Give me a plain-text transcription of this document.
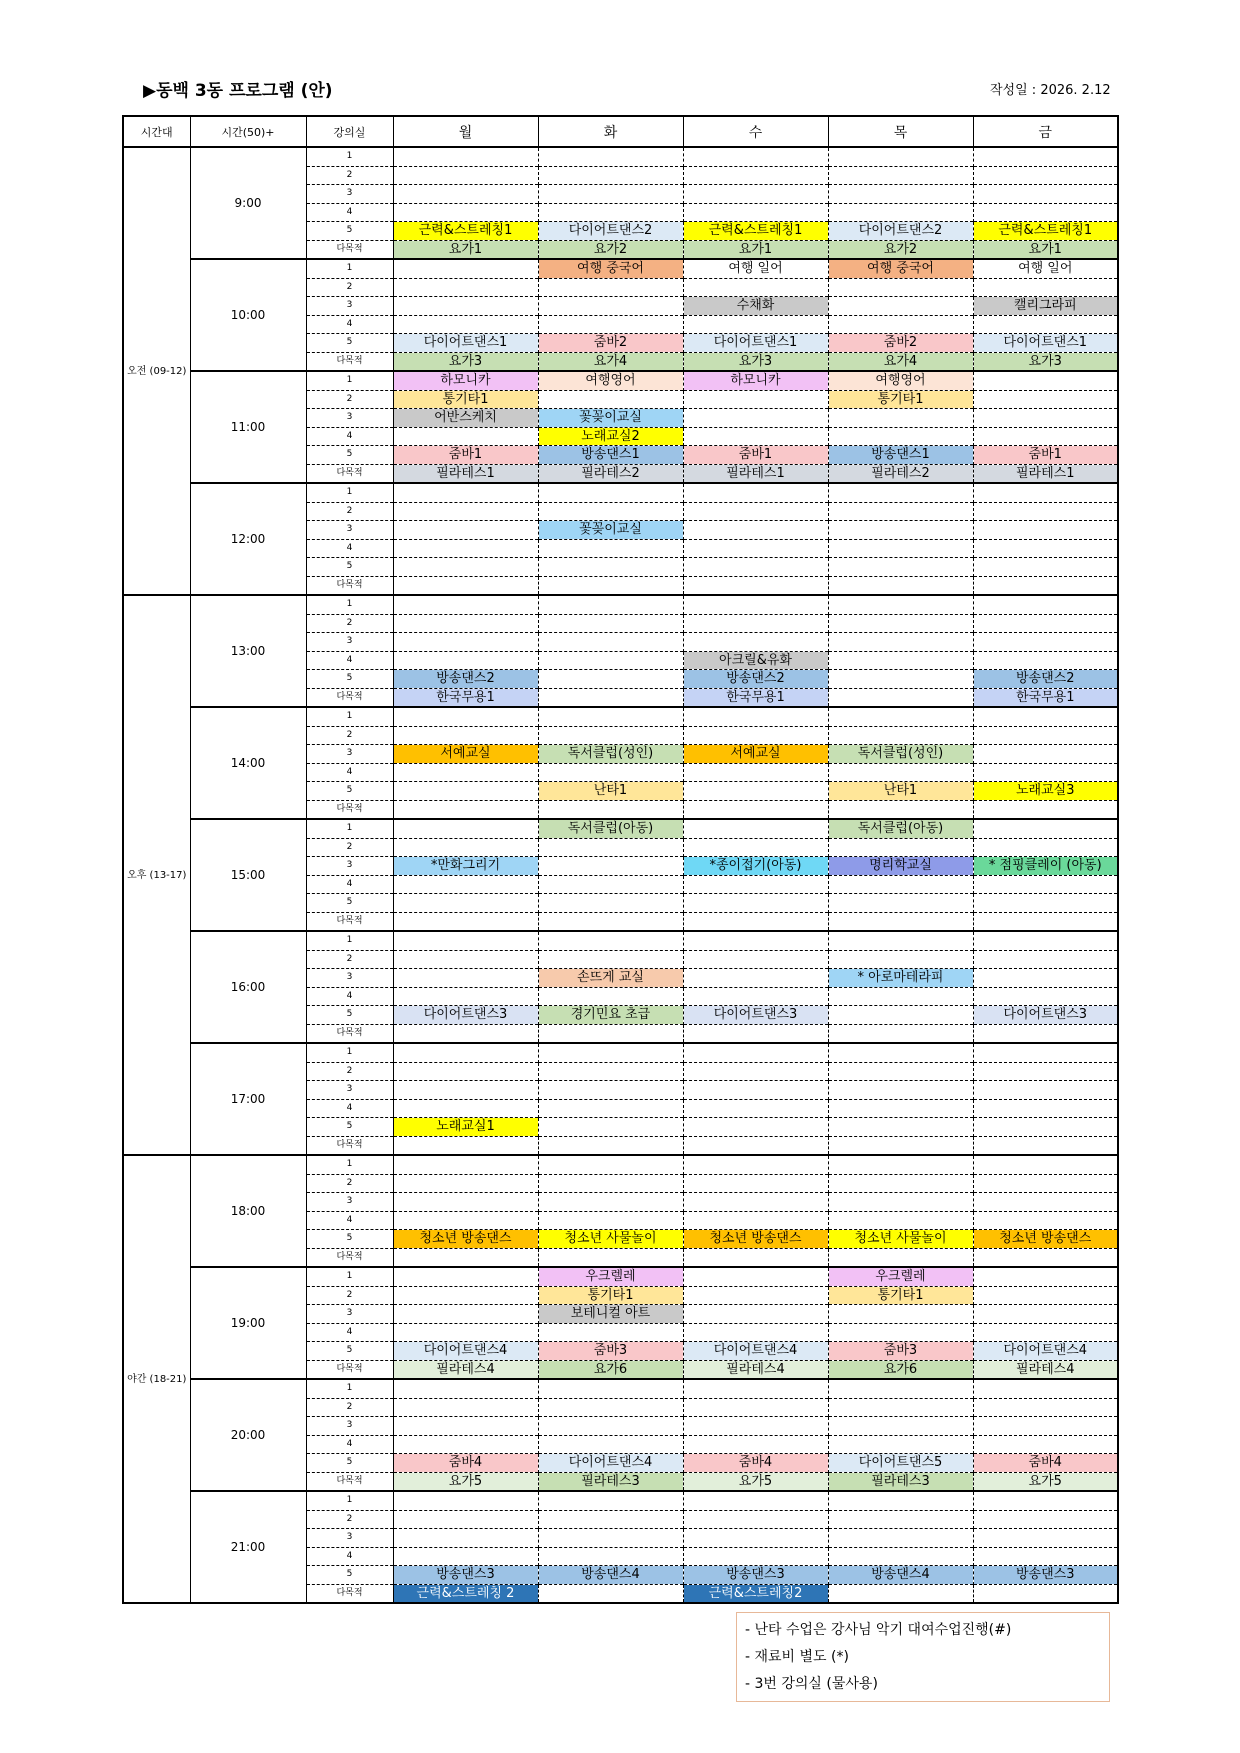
▶동백 3동 프로그램 (안)	작성일 : 2026. 2.12
시간대	시간(50)+	강의실	월	화	수	목	금
오전 (09-12)	9:00	1					
		2					
		3					
		4					
		5	근력&스트레칭1	다이어트댄스2	근력&스트레칭1	다이어트댄스2	근력&스트레칭1
		다목적	요가1	요가2	요가1	요가2	요가1
	10:00	1		여행 중국어	여행 일어	여행 중국어	여행 일어
		2					
		3			수채화		캘리그라피
		4					
		5	다이어트댄스1	줌바2	다이어트댄스1	줌바2	다이어트댄스1
		다목적	요가3	요가4	요가3	요가4	요가3
	11:00	1	하모니카	여행영어	하모니카	여행영어	
		2	통기타1			통기타1	
		3	어반스케치	꽃꽂이교실			
		4		노래교실2			
		5	줌바1	방송댄스1	줌바1	방송댄스1	줌바1
		다목적	필라테스1	필라테스2	필라테스1	필라테스2	필라테스1
	12:00	1					
		2					
		3		꽃꽂이교실			
		4					
		5					
		다목적					
오후 (13-17)	13:00	1					
		2					
		3					
		4			아크릴&유화		
		5	방송댄스2		방송댄스2		방송댄스2
		다목적	한국무용1		한국무용1		한국무용1
	14:00	1					
		2					
		3	서예교실	독서클럽(성인)	서예교실	독서클럽(성인)	
		4					
		5		난타1		난타1	노래교실3
		다목적					
	15:00	1		독서클럽(아동)		독서클럽(아동)	
		2					
		3	*만화그리기		*종이접기(아동)	명리학교실	* 점핑클레이 (아동)
		4					
		5					
		다목적					
	16:00	1					
		2					
		3		손뜨게 교실		* 아로마테라피	
		4					
		5	다이어트댄스3	경기민요 초급	다이어트댄스3		다이어트댄스3
		다목적					
	17:00	1					
		2					
		3					
		4					
		5	노래교실1				
		다목적					
야간 (18-21)	18:00	1					
		2					
		3					
		4					
		5	청소년 방송댄스	청소년 사물놀이	청소년 방송댄스	청소년 사물놀이	청소년 방송댄스
		다목적					
	19:00	1		우크렐레		우크렐레	
		2		통기타1		통기타1	
		3		보테니컬 아트			
		4					
		5	다이어트댄스4	줌바3	다이어트댄스4	줌바3	다이어트댄스4
		다목적	필라테스4	요가6	필라테스4	요가6	필라테스4
	20:00	1					
		2					
		3					
		4					
		5	줌바4	다이어트댄스4	줌바4	다이어트댄스5	줌바4
		다목적	요가5	필라테스3	요가5	필라테스3	요가5
	21:00	1					
		2					
		3					
		4					
		5	방송댄스3	방송댄스4	방송댄스3	방송댄스4	방송댄스3
		다목적	근력&스트레칭 2		근력&스트레칭2		
- 난타 수업은 강사님 악기 대여수업진행(#)
- 재료비 별도 (*)
- 3번 강의실 (물사용)
